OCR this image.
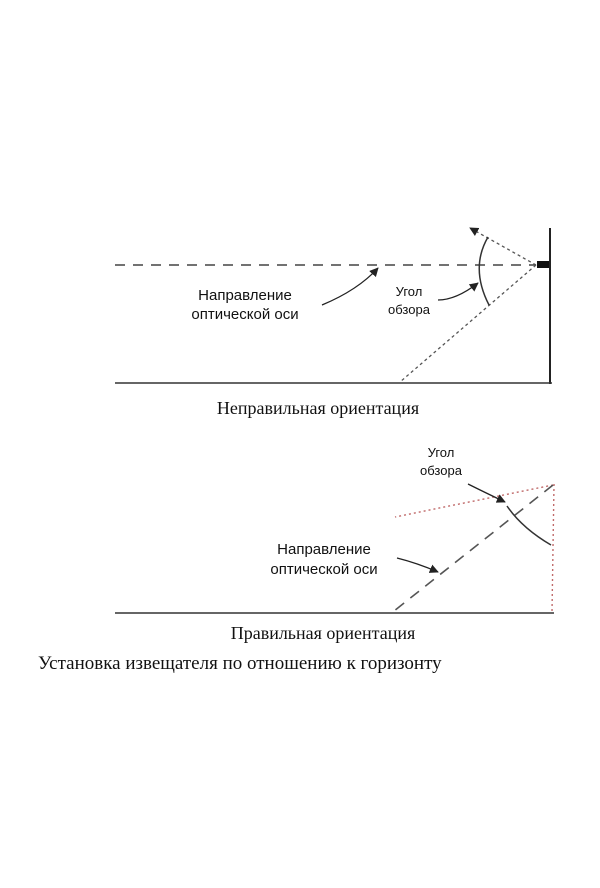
Направление
оптической оси
Угол
обзора
Неправильная ориентация
Угол
обзора
Направление
оптической оси
Правильная ориентация
Установка извещателя по отношению к горизонту
